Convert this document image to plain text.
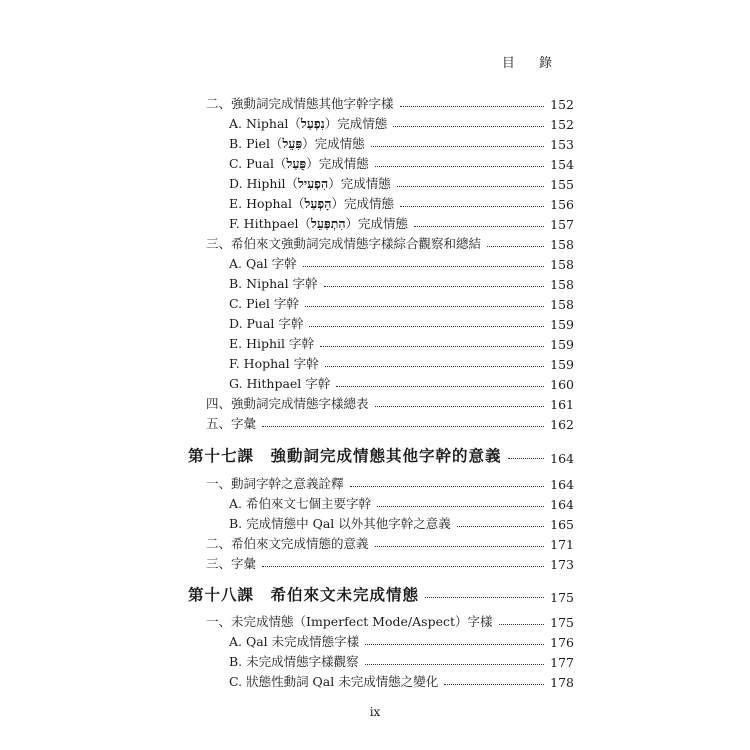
目 錄
二、強動詞完成情態其他字幹字樣	152
A. Niphal（נִפְעַל）完成情態	152
B. Piel（פִּעֵל）完成情態	153
C. Pual（פֻּעַל）完成情態	154
D. Hiphil（הִפְעִיל）完成情態	155
E. Hophal（הָפְעַל）完成情態	156
F. Hithpael（הִתְפַּעֵל）完成情態	157
三、希伯來文強動詞完成情態字樣綜合觀察和總結	158
A. Qal 字幹	158
B. Niphal 字幹	158
C. Piel 字幹	158
D. Pual 字幹	159
E. Hiphil 字幹	159
F. Hophal 字幹	159
G. Hithpael 字幹	160
四、強動詞完成情態字樣總表	161
五、字彙	162
第十七課　強動詞完成情態其他字幹的意義	164
一、動詞字幹之意義詮釋	164
A. 希伯來文七個主要字幹	164
B. 完成情態中 Qal 以外其他字幹之意義	165
二、希伯來文完成情態的意義	171
三、字彙	173
第十八課　希伯來文未完成情態	175
一、未完成情態（Imperfect Mode/Aspect）字樣	175
A. Qal 未完成情態字樣	176
B. 未完成情態字樣觀察	177
C. 狀態性動詞 Qal 未完成情態之變化	178
ix
